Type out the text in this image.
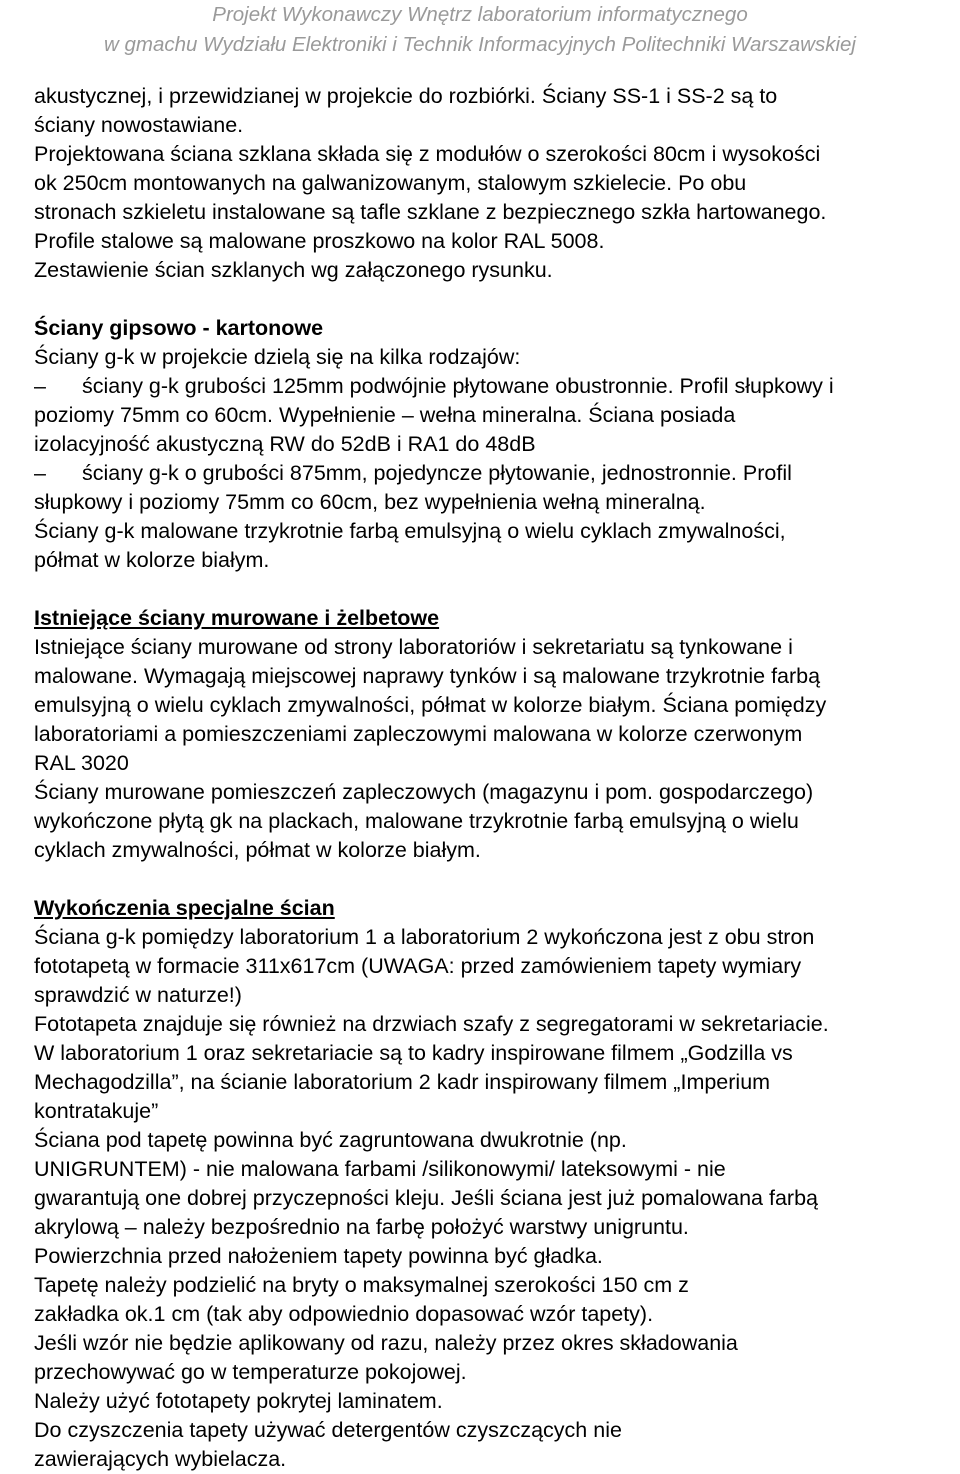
Projekt Wykonawczy Wnętrz laboratorium informatycznego
w gmachu Wydziału Elektroniki i Technik Informacyjnych Politechniki Warszawskiej

akustycznej, i przewidzianej w projekcie do rozbiórki. Ściany SS-1 i SS-2 są to

ściany nowostawiane.

Projektowana ściana szklana składa się z modułów o szerokości 80cm i wysokości

ok 250cm montowanych na galwanizowanym, stalowym szkielecie. Po obu

stronach szkieletu instalowane są tafle szklane z bezpiecznego szkła hartowanego.

Profile stalowe są malowane proszkowo na kolor RAL 5008.

Zestawienie ścian szklanych wg załączonego rysunku.

Ściany gipsowo - kartonowe

Ściany g-k w projekcie dzielą się na kilka rodzajów:

–	ściany g-k grubości 125mm podwójnie płytowane obustronnie. Profil słupkowy i

poziomy 75mm co 60cm. Wypełnienie – wełna mineralna. Ściana posiada

izolacyjność akustyczną RW do 52dB i RA1 do 48dB

–	ściany g-k o grubości 875mm, pojedyncze płytowanie, jednostronnie. Profil

słupkowy i poziomy 75mm co 60cm, bez wypełnienia wełną mineralną.

Ściany g-k malowane trzykrotnie farbą emulsyjną o wielu cyklach zmywalności,

półmat w kolorze białym.

Istniejące ściany murowane i żelbetowe

Istniejące ściany murowane od strony laboratoriów i sekretariatu są tynkowane i

malowane. Wymagają miejscowej naprawy tynków i są malowane trzykrotnie farbą

emulsyjną o wielu cyklach zmywalności, półmat w kolorze białym. Ściana pomiędzy

laboratoriami a pomieszczeniami zapleczowymi malowana w kolorze czerwonym

RAL 3020

Ściany murowane pomieszczeń zapleczowych (magazynu i pom. gospodarczego)

wykończone płytą gk na plackach, malowane trzykrotnie farbą emulsyjną o wielu

cyklach zmywalności, półmat w kolorze białym.

Wykończenia specjalne ścian

Ściana g-k pomiędzy laboratorium 1 a laboratorium 2 wykończona jest z obu stron

fototapetą w formacie 311x617cm (UWAGA: przed zamówieniem tapety wymiary

sprawdzić w naturze!)

Fototapeta znajduje się również na drzwiach szafy z segregatorami w sekretariacie.

W laboratorium 1 oraz sekretariacie są to kadry inspirowane filmem „Godzilla vs

Mechagodzilla”, na ścianie laboratorium 2 kadr inspirowany filmem „Imperium

kontratakuje”

Ściana pod tapetę powinna być zagruntowana dwukrotnie (np.

UNIGRUNTEM) - nie malowana farbami /silikonowymi/ lateksowymi - nie

gwarantują one dobrej przyczepności kleju. Jeśli ściana jest już pomalowana farbą

akrylową – należy bezpośrednio na farbę położyć warstwy unigruntu.

Powierzchnia przed nałożeniem tapety powinna być gładka.

Tapetę należy podzielić na bryty o maksymalnej szerokości 150 cm z

zakładka ok.1 cm (tak aby odpowiednio dopasować wzór tapety).

Jeśli wzór nie będzie aplikowany od razu, należy przez okres składowania

przechowywać go w temperaturze pokojowej.

Należy użyć fototapety pokrytej laminatem.

Do czyszczenia tapety używać detergentów czyszczących nie

zawierających wybielacza.
